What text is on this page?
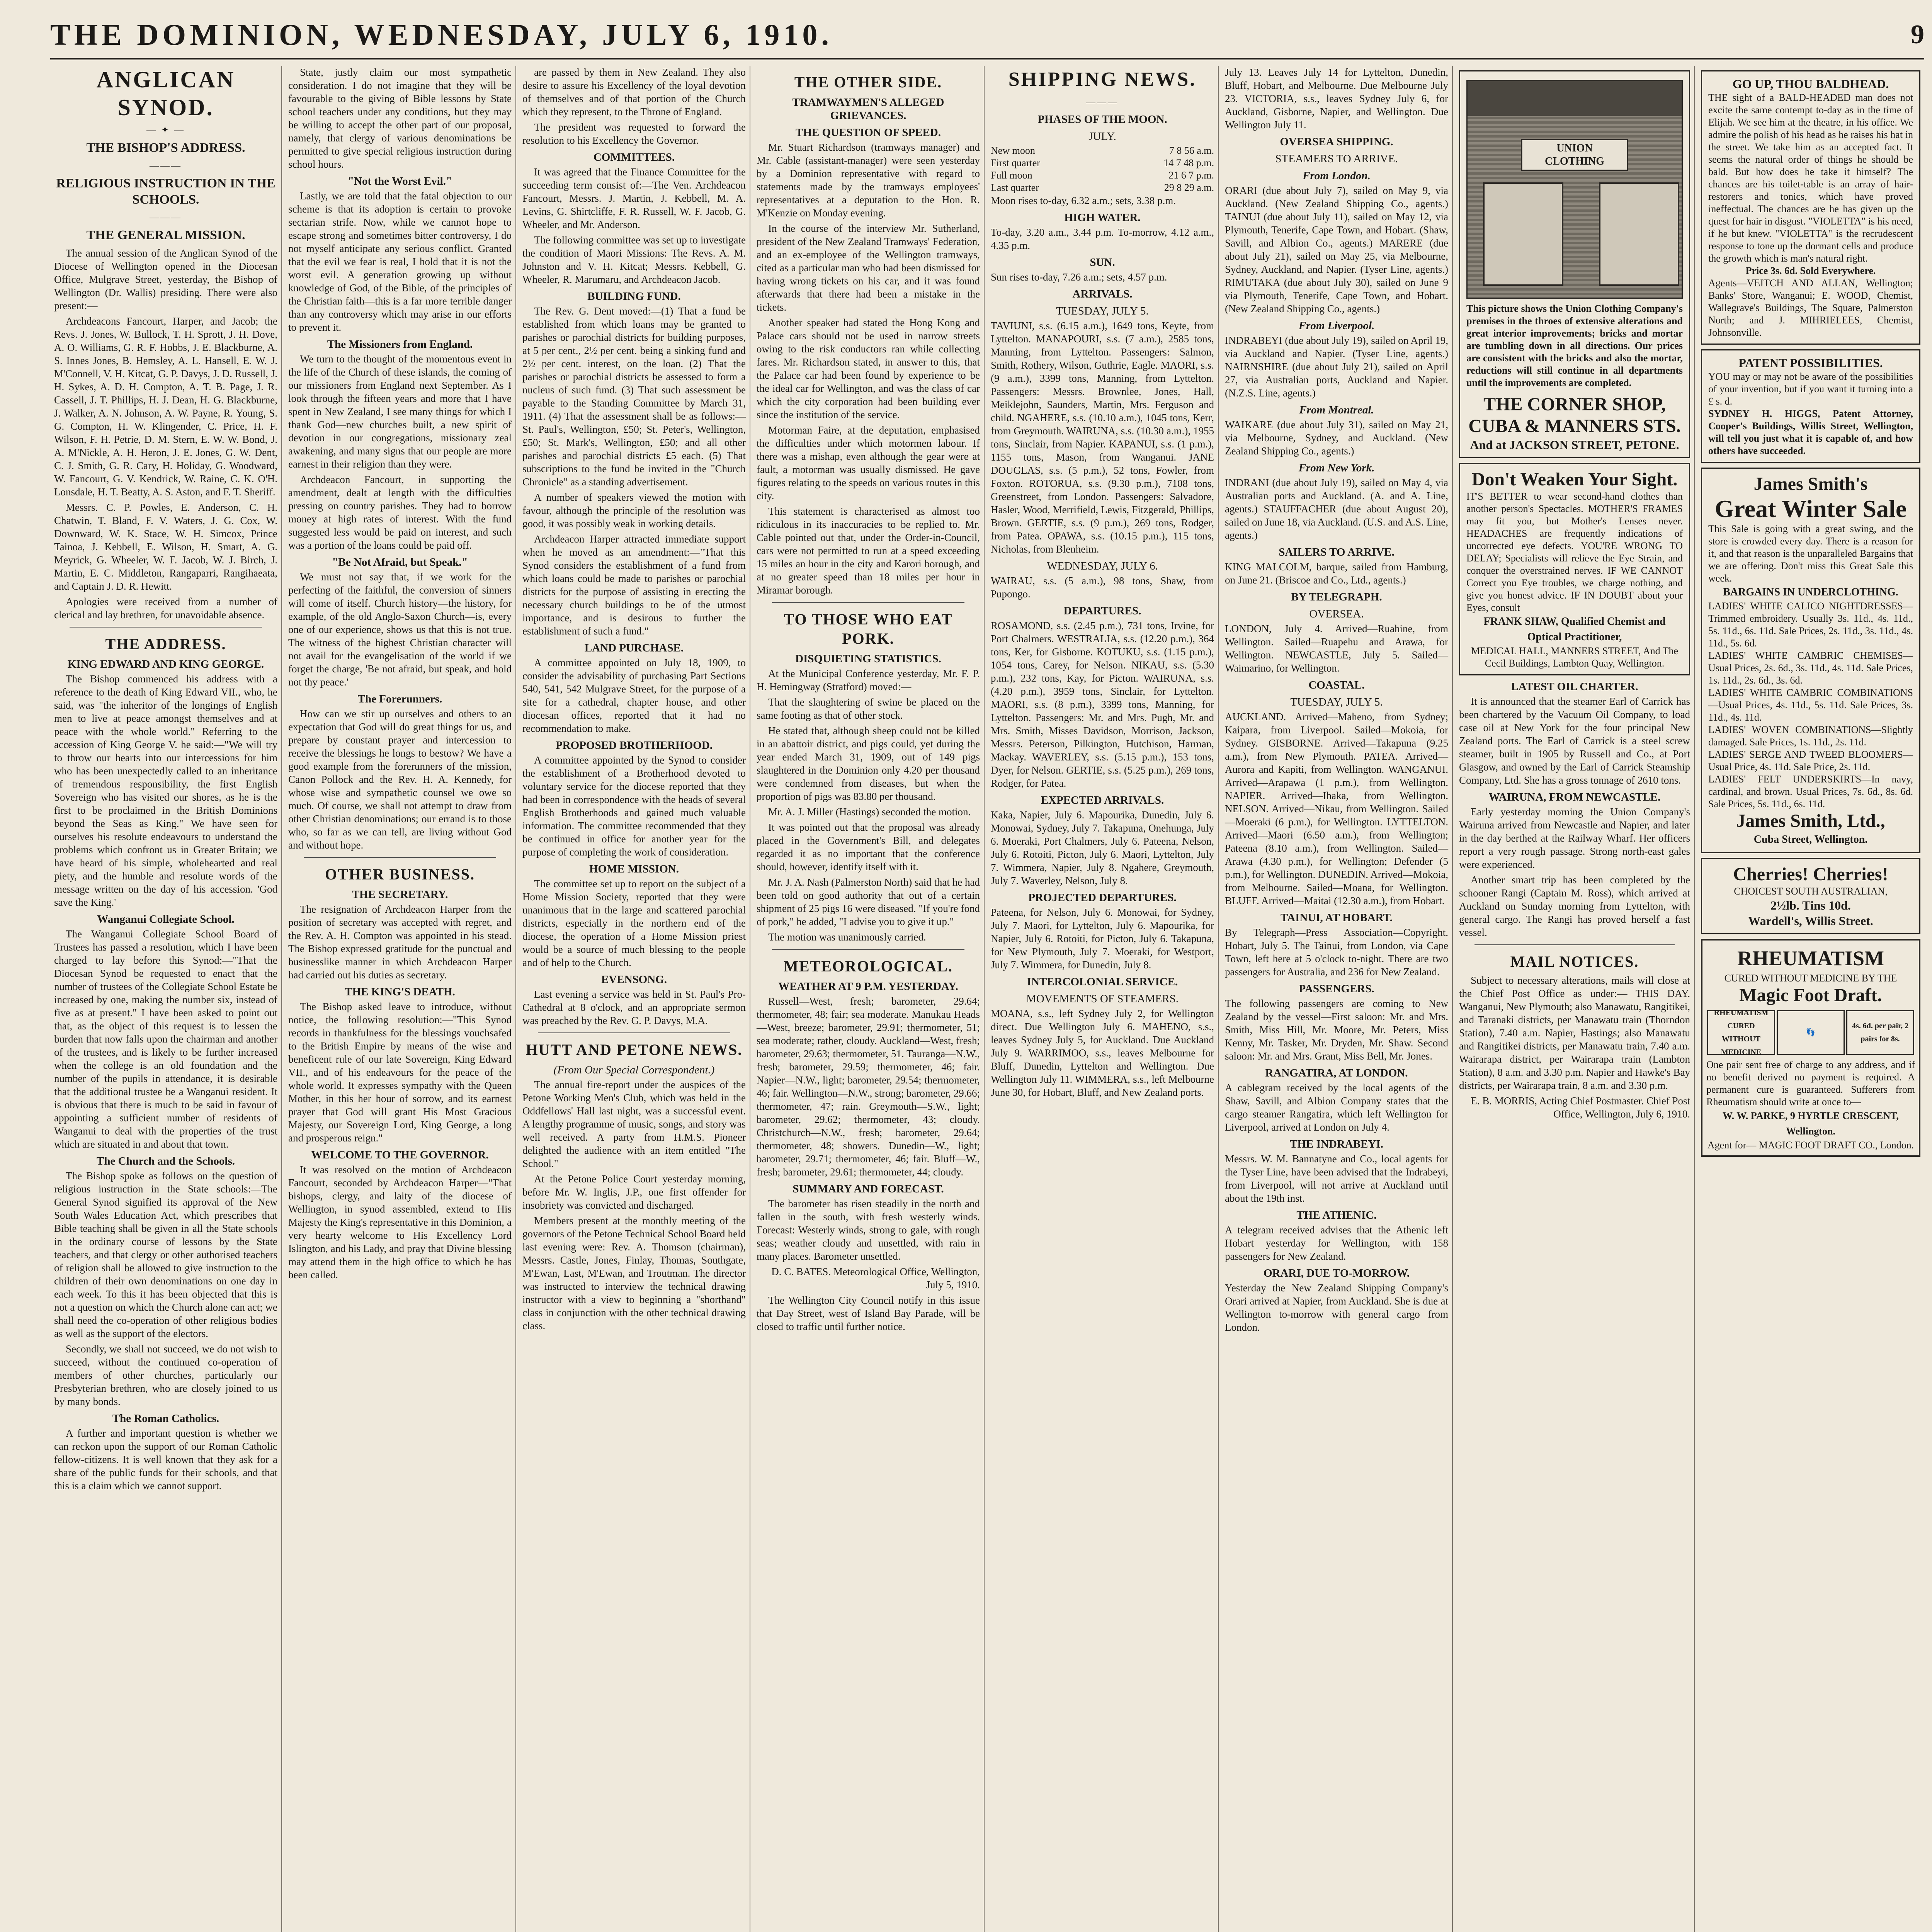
THE DOMINION, WEDNESDAY, JULY 6, 1910.	9
ANGLICAN SYNOD.
— ✦ —
THE BISHOP'S ADDRESS.
———
RELIGIOUS INSTRUCTION IN THE SCHOOLS.
———
THE GENERAL MISSION.

The annual session of the Anglican Synod of the Diocese of Wellington opened in the Diocesan Office, Mulgrave Street, yesterday, the Bishop of Wellington (Dr. Wallis) presiding. There were also present:—

Archdeacons Fancourt, Harper, and Jacob; the Revs. J. Jones, W. Bullock, T. H. Sprott, J. H. Dove, A. O. Williams, G. R. F. Hobbs, J. E. Blackburne, A. S. Innes Jones, B. Hemsley, A. L. Hansell, E. W. J. M'Connell, V. H. Kitcat, G. P. Davys, J. D. Russell, J. H. Sykes, A. D. H. Compton, A. T. B. Page, J. R. Cassell, J. T. Phillips, H. J. Dean, H. G. Blackburne, J. Walker, A. N. Johnson, A. W. Payne, R. Young, S. G. Compton, H. W. Klingender, C. Price, H. F. Wilson, F. H. Petrie, D. M. Stern, E. W. W. Bond, J. A. M'Nickle, A. H. Heron, J. E. Jones, G. W. Dent, C. J. Smith, G. R. Cary, H. Holiday, G. Woodward, W. Fancourt, G. V. Kendrick, W. Raine, C. K. O'H. Lonsdale, H. T. Beatty, A. S. Aston, and F. T. Sheriff.

Messrs. C. P. Powles, E. Anderson, C. H. Chatwin, T. Bland, F. V. Waters, J. G. Cox, W. Downward, W. K. Stace, W. H. Simcox, Prince Tainoa, J. Kebbell, E. Wilson, H. Smart, A. G. Meyrick, G. Wheeler, W. F. Jacob, W. J. Birch, J. Martin, E. C. Middleton, Rangaparri, Rangihaeata, and Captain J. D. R. Hewitt.

Apologies were received from a number of clerical and lay brethren, for unavoidable absence.

THE ADDRESS.
KING EDWARD AND KING GEORGE.

The Bishop commenced his address with a reference to the death of King Edward VII., who, he said, was "the inheritor of the longings of English men to live at peace amongst themselves and at peace with the whole world." Referring to the accession of King George V. he said:—"We will try to throw our hearts into our intercessions for him who has been unexpectedly called to an inheritance of tremendous responsibility, the first English Sovereign who has visited our shores, as he is the first to be proclaimed in the British Dominions beyond the Seas as King." We have seen for ourselves his resolute endeavours to understand the problems which confront us in Greater Britain; we have heard of his simple, wholehearted and real piety, and the humble and resolute words of the message written on the day of his accession. 'God save the King.'

Wanganui Collegiate School.

The Wanganui Collegiate School Board of Trustees has passed a resolution, which I have been charged to lay before this Synod:—"That the Diocesan Synod be requested to enact that the number of trustees of the Collegiate School Estate be increased by one, making the number six, instead of five as at present." I have been asked to point out that, as the object of this request is to lessen the burden that now falls upon the chairman and another of the trustees, and is likely to be further increased when the college is an old foundation and the number of the pupils in attendance, it is desirable that the additional trustee be a Wanganui resident. It is obvious that there is much to be said in favour of appointing a sufficient number of residents of Wanganui to deal with the properties of the trust which are situated in and about that town.

The Church and the Schools.

The Bishop spoke as follows on the question of religious instruction in the State schools:—The General Synod signified its approval of the New South Wales Education Act, which prescribes that Bible teaching shall be given in all the State schools in the ordinary course of lessons by the State teachers, and that clergy or other authorised teachers of religion shall be allowed to give instruction to the children of their own denominations on one day in each week. To this it has been objected that this is not a question on which the Church alone can act; we shall need the co-operation of other religious bodies as well as the support of the electors.

Secondly, we shall not succeed, we do not wish to succeed, without the continued co-operation of members of other churches, particularly our Presbyterian brethren, who are closely joined to us by many bonds.

The Roman Catholics.

A further and important question is whether we can reckon upon the support of our Roman Catholic fellow-citizens. It is well known that they ask for a share of the public funds for their schools, and that this is a claim which we cannot support.

State, justly claim our most sympathetic consideration. I do not imagine that they will be favourable to the giving of Bible lessons by State school teachers under any conditions, but they may be willing to accept the other part of our proposal, namely, that clergy of various denominations be permitted to give special religious instruction during school hours.

"Not the Worst Evil."

Lastly, we are told that the fatal objection to our scheme is that its adoption is certain to provoke sectarian strife. Now, while we cannot hope to escape strong and sometimes bitter controversy, I do not myself anticipate any serious conflict. Granted that the evil we fear is real, I hold that it is not the worst evil. A generation growing up without knowledge of God, of the Bible, of the principles of the Christian faith—this is a far more terrible danger than any controversy which may arise in our efforts to prevent it.

The Missioners from England.

We turn to the thought of the momentous event in the life of the Church of these islands, the coming of our missioners from England next September. As I look through the fifteen years and more that I have spent in New Zealand, I see many things for which I thank God—new churches built, a new spirit of devotion in our congregations, missionary zeal awakening, and many signs that our people are more earnest in their religion than they were.

Archdeacon Fancourt, in supporting the amendment, dealt at length with the difficulties pressing on country parishes. They had to borrow money at high rates of interest. With the fund suggested less would be paid on interest, and such was a portion of the loans could be paid off.

"Be Not Afraid, but Speak."

We must not say that, if we work for the perfecting of the faithful, the conversion of sinners will come of itself. Church history—the history, for example, of the old Anglo-Saxon Church—is, every one of our experience, shows us that this is not true. The witness of the highest Christian character will not avail for the evangelisation of the world if we forget the charge, 'Be not afraid, but speak, and hold not thy peace.'

The Forerunners.

How can we stir up ourselves and others to an expectation that God will do great things for us, and prepare by constant prayer and intercession to receive the blessings he longs to bestow? We have a good example from the forerunners of the mission, Canon Pollock and the Rev. H. A. Kennedy, for whose wise and sympathetic counsel we owe so much. Of course, we shall not attempt to draw from other Christian denominations; our errand is to those who, so far as we can tell, are living without God and without hope.

OTHER BUSINESS.
THE SECRETARY.

The resignation of Archdeacon Harper from the position of secretary was accepted with regret, and the Rev. A. H. Compton was appointed in his stead. The Bishop expressed gratitude for the punctual and businesslike manner in which Archdeacon Harper had carried out his duties as secretary.

THE KING'S DEATH.

The Bishop asked leave to introduce, without notice, the following resolution:—"This Synod records in thankfulness for the blessings vouchsafed to the British Empire by means of the wise and beneficent rule of our late Sovereign, King Edward VII., and of his endeavours for the peace of the whole world. It expresses sympathy with the Queen Mother, in this her hour of sorrow, and its earnest prayer that God will grant His Most Gracious Majesty, our Sovereign Lord, King George, a long and prosperous reign."

WELCOME TO THE GOVERNOR.

It was resolved on the motion of Archdeacon Fancourt, seconded by Archdeacon Harper—"That bishops, clergy, and laity of the diocese of Wellington, in synod assembled, extend to His Majesty the King's representative in this Dominion, a very hearty welcome to His Excellency Lord Islington, and his Lady, and pray that Divine blessing may attend them in the high office to which he has been called.

are passed by them in New Zealand. They also desire to assure his Excellency of the loyal devotion of themselves and of that portion of the Church which they represent, to the Throne of England.

The president was requested to forward the resolution to his Excellency the Governor.

COMMITTEES.

It was agreed that the Finance Committee for the succeeding term consist of:—The Ven. Archdeacon Fancourt, Messrs. J. Martin, J. Kebbell, M. A. Levins, G. Shirtcliffe, F. R. Russell, W. F. Jacob, G. Wheeler, and Mr. Anderson.

The following committee was set up to investigate the condition of Maori Missions: The Revs. A. M. Johnston and V. H. Kitcat; Messrs. Kebbell, G. Wheeler, R. Marumaru, and Archdeacon Jacob.

BUILDING FUND.

The Rev. G. Dent moved:—(1) That a fund be established from which loans may be granted to parishes or parochial districts for building purposes, at 5 per cent., 2½ per cent. being a sinking fund and 2½ per cent. interest, on the loan. (2) That the parishes or parochial districts be assessed to form a nucleus of such fund. (3) That such assessment be payable to the Standing Committee by March 31, 1911. (4) That the assessment shall be as follows:—St. Paul's, Wellington, £50; St. Peter's, Wellington, £50; St. Mark's, Wellington, £50; and all other parishes and parochial districts £5 each. (5) That subscriptions to the fund be invited in the "Church Chronicle" as a standing advertisement.

A number of speakers viewed the motion with favour, although the principle of the resolution was good, it was possibly weak in working details.

Archdeacon Harper attracted immediate support when he moved as an amendment:—"That this Synod considers the establishment of a fund from which loans could be made to parishes or parochial districts for the purpose of assisting in erecting the necessary church buildings to be of the utmost importance, and is desirous to further the establishment of such a fund."

LAND PURCHASE.

A committee appointed on July 18, 1909, to consider the advisability of purchasing Part Sections 540, 541, 542 Mulgrave Street, for the purpose of a site for a cathedral, chapter house, and other diocesan offices, reported that it had no recommendation to make.

PROPOSED BROTHERHOOD.

A committee appointed by the Synod to consider the establishment of a Brotherhood devoted to voluntary service for the diocese reported that they had been in correspondence with the heads of several English Brotherhoods and gained much valuable information. The committee recommended that they be continued in office for another year for the purpose of completing the work of consideration.

HOME MISSION.

The committee set up to report on the subject of a Home Mission Society, reported that they were unanimous that in the large and scattered parochial districts, especially in the northern end of the diocese, the operation of a Home Mission priest would be a source of much blessing to the people and of help to the Church.

EVENSONG.

Last evening a service was held in St. Paul's Pro-Cathedral at 8 o'clock, and an appropriate sermon was preached by the Rev. G. P. Davys, M.A.

HUTT AND PETONE NEWS.
(From Our Special Correspondent.)

The annual fire-report under the auspices of the Petone Working Men's Club, which was held in the Oddfellows' Hall last night, was a successful event. A lengthy programme of music, songs, and story was well received. A party from H.M.S. Pioneer delighted the audience with an item entitled "The School."

At the Petone Police Court yesterday morning, before Mr. W. Inglis, J.P., one first offender for insobriety was convicted and discharged.

Members present at the monthly meeting of the governors of the Petone Technical School Board held last evening were: Rev. A. Thomson (chairman), Messrs. Castle, Jones, Finlay, Thomas, Southgate, M'Ewan, Last, M'Ewan, and Troutman. The director was instructed to interview the technical drawing instructor with a view to beginning a "shorthand" class in conjunction with the other technical drawing class.

THE OTHER SIDE.
TRAMWAYMEN'S ALLEGED GRIEVANCES.
THE QUESTION OF SPEED.

Mr. Stuart Richardson (tramways manager) and Mr. Cable (assistant-manager) were seen yesterday by a Dominion representative with regard to statements made by the tramways employees' representatives at a deputation to the Hon. R. M'Kenzie on Monday evening.

In the course of the interview Mr. Sutherland, president of the New Zealand Tramways' Federation, and an ex-employee of the Wellington tramways, cited as a particular man who had been dismissed for having wrong tickets on his car, and it was found afterwards that there had been a mistake in the tickets.

Another speaker had stated the Hong Kong and Palace cars should not be used in narrow streets owing to the risk conductors ran while collecting fares. Mr. Richardson stated, in answer to this, that the Palace car had been found by experience to be the ideal car for Wellington, and was the class of car which the city corporation had been building ever since the institution of the service.

Motorman Faire, at the deputation, emphasised the difficulties under which motormen labour. If there was a mishap, even although the gear were at fault, a motorman was usually dismissed. He gave figures relating to the speeds on various routes in this city.

This statement is characterised as almost too ridiculous in its inaccuracies to be replied to. Mr. Cable pointed out that, under the Order-in-Council, cars were not permitted to run at a speed exceeding 15 miles an hour in the city and Karori borough, and at no greater speed than 18 miles per hour in Miramar borough.

TO THOSE WHO EAT PORK.
DISQUIETING STATISTICS.

At the Municipal Conference yesterday, Mr. F. P. H. Hemingway (Stratford) moved:—

That the slaughtering of swine be placed on the same footing as that of other stock.

He stated that, although sheep could not be killed in an abattoir district, and pigs could, yet during the year ended March 31, 1909, out of 149 pigs slaughtered in the Dominion only 4.20 per thousand were condemned from diseases, but when the proportion of pigs was 83.80 per thousand.

Mr. A. J. Miller (Hastings) seconded the motion.

It was pointed out that the proposal was already placed in the Government's Bill, and delegates regarded it as no important that the conference should, however, identify itself with it.

Mr. J. A. Nash (Palmerston North) said that he had been told on good authority that out of a certain shipment of 25 pigs 16 were diseased. "If you're fond of pork," he added, "I advise you to give it up."

The motion was unanimously carried.

METEOROLOGICAL.
WEATHER AT 9 P.M. YESTERDAY.

Russell—West, fresh; barometer, 29.64; thermometer, 48; fair; sea moderate. Manukau Heads—West, breeze; barometer, 29.91; thermometer, 51; sea moderate; rather, cloudy. Auckland—West, fresh; barometer, 29.63; thermometer, 51. Tauranga—N.W., fresh; barometer, 29.59; thermometer, 46; fair. Napier—N.W., light; barometer, 29.54; thermometer, 46; fair. Wellington—N.W., strong; barometer, 29.66; thermometer, 47; rain. Greymouth—S.W., light; barometer, 29.62; thermometer, 43; cloudy. Christchurch—N.W., fresh; barometer, 29.64; thermometer, 48; showers. Dunedin—W., light; barometer, 29.71; thermometer, 46; fair. Bluff—W., fresh; barometer, 29.61; thermometer, 44; cloudy.

SUMMARY AND FORECAST.

The barometer has risen steadily in the north and fallen in the south, with fresh westerly winds. Forecast: Westerly winds, strong to gale, with rough seas; weather cloudy and unsettled, with rain in many places. Barometer unsettled.

D. C. BATES. Meteorological Office, Wellington, July 5, 1910.

The Wellington City Council notify in this issue that Day Street, west of Island Bay Parade, will be closed to traffic until further notice.

SHIPPING NEWS.
———
PHASES OF THE MOON.
JULY.
New moon	7 8 56 a.m.
First quarter	14 7 48 p.m.
Full moon	21 6 7 p.m.
Last quarter	29 8 29 a.m.

Moon rises to-day, 6.32 a.m.; sets, 3.38 p.m.

HIGH WATER.

To-day, 3.20 a.m., 3.44 p.m. To-morrow, 4.12 a.m., 4.35 p.m.

SUN.

Sun rises to-day, 7.26 a.m.; sets, 4.57 p.m.

ARRIVALS.
TUESDAY, JULY 5.

TAVIUNI, s.s. (6.15 a.m.), 1649 tons, Keyte, from Lyttelton. MANAPOURI, s.s. (7 a.m.), 2585 tons, Manning, from Lyttelton. Passengers: Salmon, Smith, Rothery, Wilson, Guthrie, Eagle. MAORI, s.s. (9 a.m.), 3399 tons, Manning, from Lyttelton. Passengers: Messrs. Brownlee, Jones, Hall, Meiklejohn, Saunders, Martin, Mrs. Ferguson and child. NGAHERE, s.s. (10.10 a.m.), 1045 tons, Kerr, from Greymouth. WAIRUNA, s.s. (10.30 a.m.), 1955 tons, Sinclair, from Napier. KAPANUI, s.s. (1 p.m.), 1155 tons, Mason, from Wanganui. JANE DOUGLAS, s.s. (5 p.m.), 52 tons, Fowler, from Foxton. ROTORUA, s.s. (9.30 p.m.), 7108 tons, Greenstreet, from London. Passengers: Salvadore, Hasler, Wood, Merrifield, Lewis, Fitzgerald, Phillips, Brown. GERTIE, s.s. (9 p.m.), 269 tons, Rodger, from Patea. OPAWA, s.s. (10.15 p.m.), 115 tons, Nicholas, from Blenheim.

WEDNESDAY, JULY 6.

WAIRAU, s.s. (5 a.m.), 98 tons, Shaw, from Pupongo.

DEPARTURES.

ROSAMOND, s.s. (2.45 p.m.), 731 tons, Irvine, for Port Chalmers. WESTRALIA, s.s. (12.20 p.m.), 364 tons, Ker, for Gisborne. KOTUKU, s.s. (1.15 p.m.), 1054 tons, Carey, for Nelson. NIKAU, s.s. (5.30 p.m.), 232 tons, Kay, for Picton. WAIRUNA, s.s. (4.20 p.m.), 3959 tons, Sinclair, for Lyttelton. MAORI, s.s. (8 p.m.), 3399 tons, Manning, for Lyttelton. Passengers: Mr. and Mrs. Pugh, Mr. and Mrs. Smith, Misses Davidson, Morrison, Jackson, Messrs. Peterson, Pilkington, Hutchison, Harman, Mackay. WAVERLEY, s.s. (5.15 p.m.), 153 tons, Dyer, for Nelson. GERTIE, s.s. (5.25 p.m.), 269 tons, Rodger, for Patea.

EXPECTED ARRIVALS.

Kaka, Napier, July 6. Mapourika, Dunedin, July 6. Monowai, Sydney, July 7. Takapuna, Onehunga, July 6. Moeraki, Port Chalmers, July 6. Pateena, Nelson, July 6. Rotoiti, Picton, July 6. Maori, Lyttelton, July 7. Wimmera, Napier, July 8. Ngahere, Greymouth, July 7. Waverley, Nelson, July 8.

PROJECTED DEPARTURES.

Pateena, for Nelson, July 6. Monowai, for Sydney, July 7. Maori, for Lyttelton, July 6. Mapourika, for Napier, July 6. Rotoiti, for Picton, July 6. Takapuna, for New Plymouth, July 7. Moeraki, for Westport, July 7. Wimmera, for Dunedin, July 8.

INTERCOLONIAL SERVICE.
MOVEMENTS OF STEAMERS.

MOANA, s.s., left Sydney July 2, for Wellington direct. Due Wellington July 6. MAHENO, s.s., leaves Sydney July 5, for Auckland. Due Auckland July 9. WARRIMOO, s.s., leaves Melbourne for Bluff, Dunedin, Lyttelton and Wellington. Due Wellington July 11. WIMMERA, s.s., left Melbourne June 30, for Hobart, Bluff, and New Zealand ports.

July 13. Leaves July 14 for Lyttelton, Dunedin, Bluff, Hobart, and Melbourne. Due Melbourne July 23. VICTORIA, s.s., leaves Sydney July 6, for Auckland, Gisborne, Napier, and Wellington. Due Wellington July 11.

OVERSEA SHIPPING.
STEAMERS TO ARRIVE.
From London.

ORARI (due about July 7), sailed on May 9, via Auckland. (New Zealand Shipping Co., agents.) TAINUI (due about July 11), sailed on May 12, via Plymouth, Tenerife, Cape Town, and Hobart. (Shaw, Savill, and Albion Co., agents.) MARERE (due about July 21), sailed on May 25, via Melbourne, Sydney, Auckland, and Napier. (Tyser Line, agents.) RIMUTAKA (due about July 30), sailed on June 9 via Plymouth, Tenerife, Cape Town, and Hobart. (New Zealand Shipping Co., agents.)

From Liverpool.

INDRABEYI (due about July 19), sailed on April 19, via Auckland and Napier. (Tyser Line, agents.) NAIRNSHIRE (due about July 21), sailed on April 27, via Australian ports, Auckland and Napier. (N.Z.S. Line, agents.)

From Montreal.

WAIKARE (due about July 31), sailed on May 21, via Melbourne, Sydney, and Auckland. (New Zealand Shipping Co., agents.)

From New York.

INDRANI (due about July 19), sailed on May 4, via Australian ports and Auckland. (A. and A. Line, agents.) STAUFFACHER (due about August 20), sailed on June 18, via Auckland. (U.S. and A.S. Line, agents.)

SAILERS TO ARRIVE.

KING MALCOLM, barque, sailed from Hamburg, on June 21. (Briscoe and Co., Ltd., agents.)

BY TELEGRAPH.
OVERSEA.

LONDON, July 4. Arrived—Ruahine, from Wellington. Sailed—Ruapehu and Arawa, for Wellington. NEWCASTLE, July 5. Sailed—Waimarino, for Wellington.

COASTAL.
TUESDAY, JULY 5.

AUCKLAND. Arrived—Maheno, from Sydney; Kaipara, from Liverpool. Sailed—Mokoia, for Sydney. GISBORNE. Arrived—Takapuna (9.25 a.m.), from New Plymouth. PATEA. Arrived—Aurora and Kapiti, from Wellington. WANGANUI. Arrived—Arapawa (1 p.m.), from Wellington. NAPIER. Arrived—Ihaka, from Wellington. NELSON. Arrived—Nikau, from Wellington. Sailed—Moeraki (6 p.m.), for Wellington. LYTTELTON. Arrived—Maori (6.50 a.m.), from Wellington; Pateena (8.10 a.m.), from Wellington. Sailed—Arawa (4.30 p.m.), for Wellington; Defender (5 p.m.), for Wellington. DUNEDIN. Arrived—Mokoia, from Melbourne. Sailed—Moana, for Wellington. BLUFF. Arrived—Maitai (12.30 a.m.), from Hobart.

TAINUI, AT HOBART.

By Telegraph—Press Association—Copyright. Hobart, July 5. The Tainui, from London, via Cape Town, left here at 5 o'clock to-night. There are two passengers for Australia, and 236 for New Zealand.

PASSENGERS.

The following passengers are coming to New Zealand by the vessel—First saloon: Mr. and Mrs. Smith, Miss Hill, Mr. Moore, Mr. Peters, Miss Kenny, Mr. Tasker, Mr. Dryden, Mr. Shaw. Second saloon: Mr. and Mrs. Grant, Miss Bell, Mr. Jones.

RANGATIRA, AT LONDON.

A cablegram received by the local agents of the Shaw, Savill, and Albion Company states that the cargo steamer Rangatira, which left Wellington for Liverpool, arrived at London on July 4.

THE INDRABEYI.

Messrs. W. M. Bannatyne and Co., local agents for the Tyser Line, have been advised that the Indrabeyi, from Liverpool, will not arrive at Auckland until about the 19th inst.

THE ATHENIC.

A telegram received advises that the Athenic left Hobart yesterday for Wellington, with 158 passengers for New Zealand.

ORARI, DUE TO-MORROW.

Yesterday the New Zealand Shipping Company's Orari arrived at Napier, from Auckland. She is due at Wellington to-morrow with general cargo from London.

UNION CLOTHING
This picture shows the Union Clothing Company's premises in the throes of extensive alterations and great interior improvements; bricks and mortar are tumbling down in all directions. Our prices are consistent with the bricks and also the mortar, reductions will still continue in all departments until the improvements are completed.
THE CORNER SHOP, CUBA & MANNERS STS.
And at JACKSON STREET, PETONE.
Don't Weaken Your Sight.
IT'S BETTER to wear second-hand clothes than another person's Spectacles. MOTHER'S FRAMES may fit you, but Mother's Lenses never. HEADACHES are frequently indications of uncorrected eye defects. YOU'RE WRONG TO DELAY; Specialists will relieve the Eye Strain, and conquer the overstrained nerves. IF WE CANNOT Correct you Eye troubles, we charge nothing, and give you honest advice. IF IN DOUBT about your Eyes, consult
FRANK SHAW, Qualified Chemist and Optical Practitioner,
MEDICAL HALL, MANNERS STREET, And The Cecil Buildings, Lambton Quay, Wellington.
LATEST OIL CHARTER.

It is announced that the steamer Earl of Carrick has been chartered by the Vacuum Oil Company, to load case oil at New York for the four principal New Zealand ports. The Earl of Carrick is a steel screw steamer, built in 1905 by Russell and Co., at Port Glasgow, and owned by the Earl of Carrick Steamship Company, Ltd. She has a gross tonnage of 2610 tons.

WAIRUNA, FROM NEWCASTLE.

Early yesterday morning the Union Company's Wairuna arrived from Newcastle and Napier, and later in the day berthed at the Railway Wharf. Her officers report a very rough passage. Strong north-east gales were experienced.

Another smart trip has been completed by the schooner Rangi (Captain M. Ross), which arrived at Auckland on Sunday morning from Lyttelton, with general cargo. The Rangi has proved herself a fast vessel.

MAIL NOTICES.

Subject to necessary alterations, mails will close at the Chief Post Office as under:— THIS DAY. Wanganui, New Plymouth; also Manawatu, Rangitikei, and Taranaki districts, per Manawatu train (Thorndon Station), 7.40 a.m. Napier, Hastings; also Manawatu and Rangitikei districts, per Manawatu train, 7.40 a.m. Wairarapa district, per Wairarapa train (Lambton Station), 8 a.m. and 3.30 p.m. Napier and Hawke's Bay districts, per Wairarapa train, 8 a.m. and 3.30 p.m.

E. B. MORRIS, Acting Chief Postmaster. Chief Post Office, Wellington, July 6, 1910.

GO UP, THOU BALDHEAD.
THE sight of a BALD-HEADED man does not excite the same contempt to-day as in the time of Elijah. We see him at the theatre, in his office. We admire the polish of his head as he raises his hat in the street. We take him as an accepted fact. It seems the natural order of things he should be bald. But how does he take it himself? The chances are his toilet-table is an array of hair-restorers and tonics, which have proved ineffectual. The chances are he has given up the quest for hair in disgust. "VIOLETTA" is his need, if he but knew. "VIOLETTA" is the recrudescent response to tone up the dormant cells and produce the growth which is man's natural right.
Price 3s. 6d. Sold Everywhere.
Agents—VEITCH AND ALLAN, Wellington; Banks' Store, Wanganui; E. WOOD, Chemist, Wallegrave's Buildings, The Square, Palmerston North; and J. MIHRIELEES, Chemist, Johnsonville.
PATENT POSSIBILITIES.
YOU may or may not be aware of the possibilities of your invention, but if you want it turning into a £ s. d.
SYDNEY H. HIGGS, Patent Attorney, Cooper's Buildings, Willis Street, Wellington, will tell you just what it is capable of, and how others have succeeded.
James Smith's
Great Winter Sale
This Sale is going with a great swing, and the store is crowded every day. There is a reason for it, and that reason is the unparalleled Bargains that we are offering. Don't miss this Great Sale this week.
BARGAINS IN UNDERCLOTHING.
LADIES' WHITE CALICO NIGHTDRESSES—Trimmed embroidery. Usually 3s. 11d., 4s. 11d., 5s. 11d., 6s. 11d. Sale Prices, 2s. 11d., 3s. 11d., 4s. 11d., 5s. 6d.
LADIES' WHITE CAMBRIC CHEMISES—Usual Prices, 2s. 6d., 3s. 11d., 4s. 11d. Sale Prices, 1s. 11d., 2s. 6d., 3s. 6d.
LADIES' WHITE CAMBRIC COMBINATIONS—Usual Prices, 4s. 11d., 5s. 11d. Sale Prices, 3s. 11d., 4s. 11d.
LADIES' WOVEN COMBINATIONS—Slightly damaged. Sale Prices, 1s. 11d., 2s. 11d.
LADIES' SERGE AND TWEED BLOOMERS—Usual Price, 4s. 11d. Sale Price, 2s. 11d.
LADIES' FELT UNDERSKIRTS—In navy, cardinal, and brown. Usual Prices, 7s. 6d., 8s. 6d. Sale Prices, 5s. 11d., 6s. 11d.
James Smith, Ltd.,
Cuba Street, Wellington.
Cherries! Cherries!
CHOICEST SOUTH AUSTRALIAN,
2½lb. Tins 10d.
Wardell's, Willis Street.
RHEUMATISM
CURED WITHOUT MEDICINE BY THE
Magic Foot Draft.
RHEUMATISM CURED WITHOUT MEDICINE
👣
4s. 6d. per pair, 2 pairs for 8s.
One pair sent free of charge to any address, and if no benefit derived no payment is required. A permanent cure is guaranteed. Sufferers from Rheumatism should write at once to—
W. W. PARKE, 9 HYRTLE CRESCENT, Wellington.
Agent for— MAGIC FOOT DRAFT CO., London.
